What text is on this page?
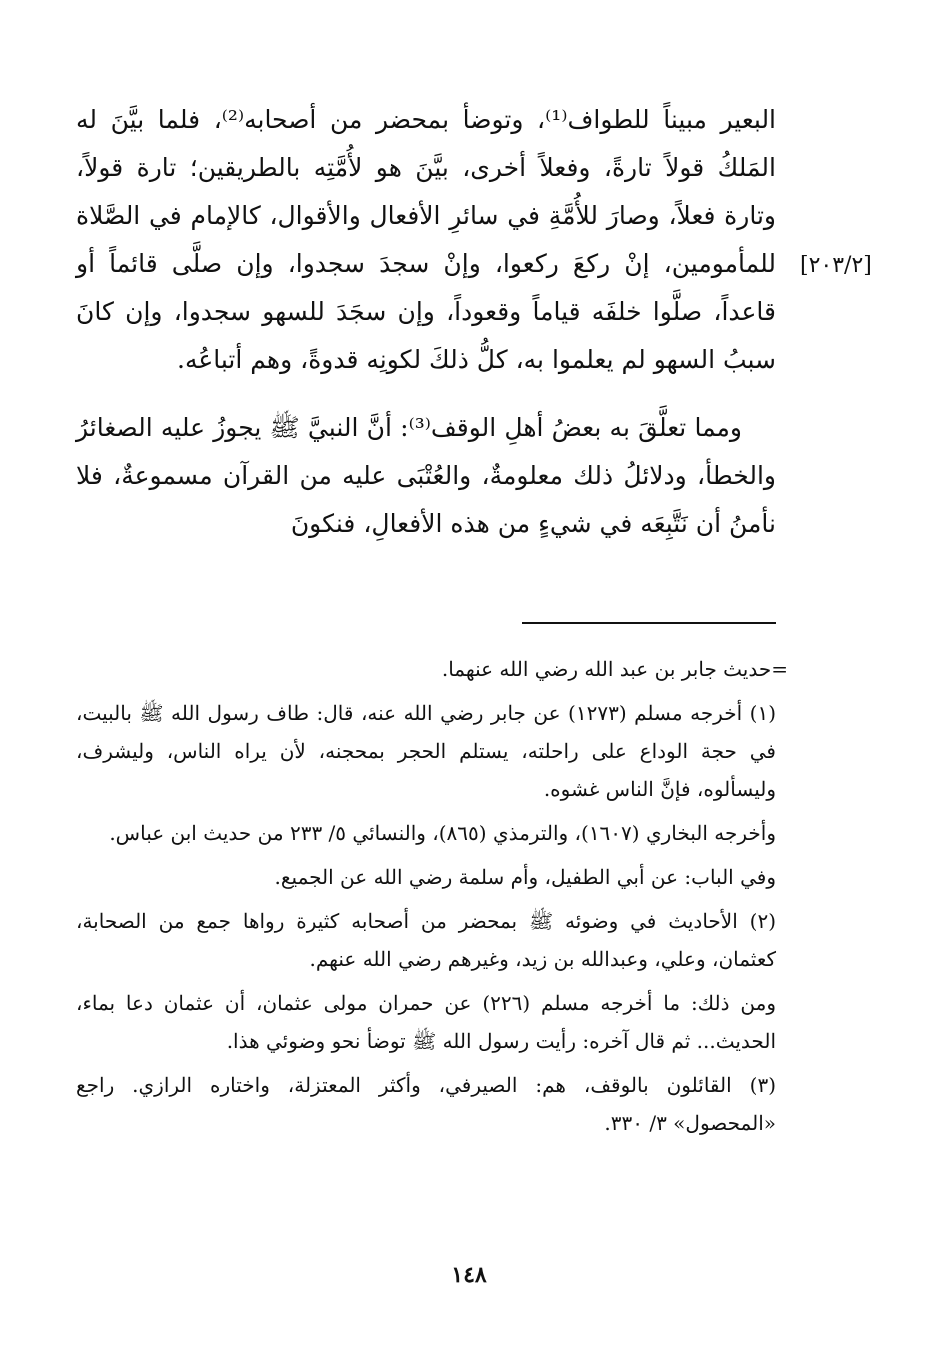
[٢٠٣/٢]

البعير مبيناً للطواف⁽¹⁾، وتوضأ بمحضر من أصحابه⁽²⁾، فلما بيَّنَ له المَلكُ قولاً تارةً، وفعلاً أخرى، بيَّنَ هو لأُمَّتِه بالطريقين؛ تارة قولاً، وتارة فعلاً، وصارَ للأُمَّةِ في سائرِ الأفعال والأقوال، كالإمام في الصَّلاة للمأمومين، إنْ ركعَ ركعوا، وإنْ سجدَ سجدوا، وإن صلَّى قائماً أو قاعداً، صلَّوا خلفَه قياماً وقعوداً، وإن سجَدَ للسهو سجدوا، وإن كانَ سببُ السهو لم يعلموا به، كلُّ ذلكَ لكونِه قدوةً، وهم أتباعُه.

ومما تعلَّقَ به بعضُ أهلِ الوقف⁽³⁾: أنَّ النبيَّ ﷺ يجوزُ عليه الصغائرُ والخطأ، ودلائلُ ذلك معلومةٌ، والعُتْبَى عليه من القرآن مسموعةٌ، فلا نأمنُ أن نَتَّبِعَه في شيءٍ من هذه الأفعالِ، فنكونَ

=حديث جابر بن عبد الله رضي الله عنهما.

(١) أخرجه مسلم (١٢٧٣) عن جابر رضي الله عنه، قال: طاف رسول الله ﷺ بالبيت، في حجة الوداع على راحلته، يستلم الحجر بمحجنه، لأن يراه الناس، وليشرف، وليسألوه، فإنَّ الناس غشوه.

وأخرجه البخاري (١٦٠٧)، والترمذي (٨٦٥)، والنسائي ٥/ ٢٣٣ من حديث ابن عباس.

وفي الباب: عن أبي الطفيل، وأم سلمة رضي الله عن الجميع.

(٢) الأحاديث في وضوئه ﷺ بمحضر من أصحابه كثيرة رواها جمع من الصحابة، كعثمان، وعلي، وعبدالله بن زيد، وغيرهم رضي الله عنهم.

ومن ذلك: ما أخرجه مسلم (٢٢٦) عن حمران مولى عثمان، أن عثمان دعا بماء، الحديث... ثم قال آخره: رأيت رسول الله ﷺ توضأ نحو وضوئي هذا.

(٣) القائلون بالوقف، هم: الصيرفي، وأكثر المعتزلة، واختاره الرازي. راجع «المحصول» ٣/ ٣٣٠.

١٤٨
